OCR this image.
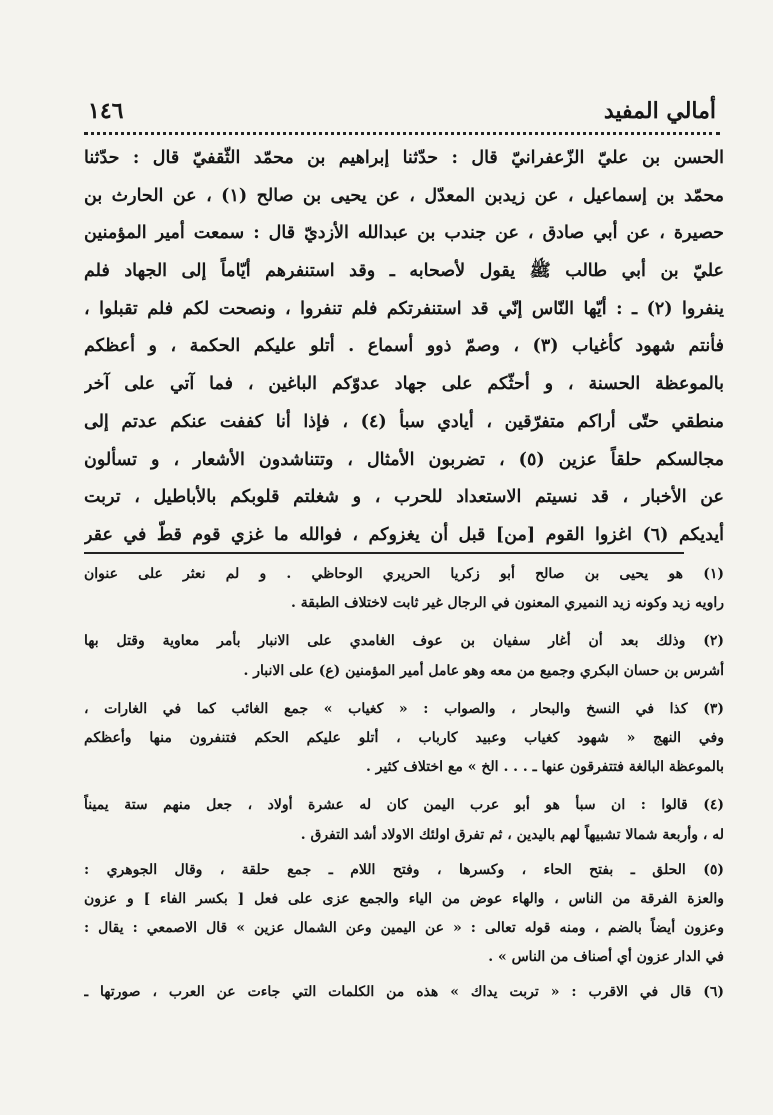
أمالي المفيد
١٤٦
الحسن بن عليّ الزّعفرانيّ قال : حدّثنا إبراهيم بن محمّد الثّقفيّ قال : حدّثنا
محمّد بن إسماعيل ، عن زيدبن المعدّل ، عن يحيى بن صالح (١) ، عن الحارث بن
حصيرة ، عن أبي صادق ، عن جندب بن عبدالله الأزديّ قال : سمعت أمير المؤمنين
عليّ بن أبي طالب ﷺ يقول لأصحابه ـ وقد استنفرهم أيّاماً إلى الجهاد فلم
ينفروا (٢) ـ : أيّها النّاس إنّي قد استنفرتكم فلم تنفروا ، ونصحت لكم فلم تقبلوا ،
فأنتم شهود كأغياب (٣) ، وصمّ ذوو أسماع . أتلو عليكم الحكمة ، و أعظكم
بالموعظة الحسنة ، و أحثّكم على جهاد عدوّكم الباغين ، فما آتي على آخر
منطقي حتّى أراكم متفرّقين ، أيادي سبأ (٤) ، فإذا أنا كففت عنكم عدتم إلى
مجالسكم حلقاً عزين (٥) ، تضربون الأمثال ، وتتناشدون الأشعار ، و تسألون
عن الأخبار ، قد نسيتم الاستعداد للحرب ، و شغلتم قلوبكم بالأباطيل ، تربت
أيديكم (٦) اغزوا القوم [من] قبل أن يغزوكم ، فوالله ما غزي قوم قطّ في عقر
(١) هو يحيى بن صالح أبو زكريا الحريري الوحاظي . و لم نعثر على عنوان
راويه زيد وكونه زيد النميري المعنون في الرجال غير ثابت لاختلاف الطبقة .
(٢) وذلك بعد أن أغار سفيان بن عوف الغامدي على الانبار بأمر معاوية وقتل بها
أشرس بن حسان البكري وجميع من معه وهو عامل أمير المؤمنين (ع) على الانبار .
(٣) كذا في النسخ والبحار ، والصواب : « كغياب » جمع الغائب كما في الغارات ،
وفي النهج « شهود كغياب وعبيد كارباب ، أتلو عليكم الحكم فتنفرون منها وأعظكم
بالموعظة البالغة فتتفرقون عنها ـ . . . الخ » مع اختلاف كثير .
(٤) قالوا : ان سبأ هو أبو عرب اليمن كان له عشرة أولاد ، جعل منهم ستة يميناً
له ، وأربعة شمالا تشبيهاً لهم باليدين ، ثم تفرق اولئك الاولاد أشد التفرق .
(٥) الحلق ـ بفتح الحاء ، وكسرها ، وفتح اللام ـ جمع حلقة ، وقال الجوهري :
والعزة الفرقة من الناس ، والهاء عوض من الياء والجمع عزى على فعل [ بكسر الفاء ] و عزون
وعزون أيضاً بالضم ، ومنه قوله تعالى : « عن اليمين وعن الشمال عزين » قال الاصمعي : يقال :
في الدار عزون أي أصناف من الناس » .
(٦) قال في الاقرب : « تربت يداك » هذه من الكلمات التي جاءت عن العرب ، صورتها ـ
